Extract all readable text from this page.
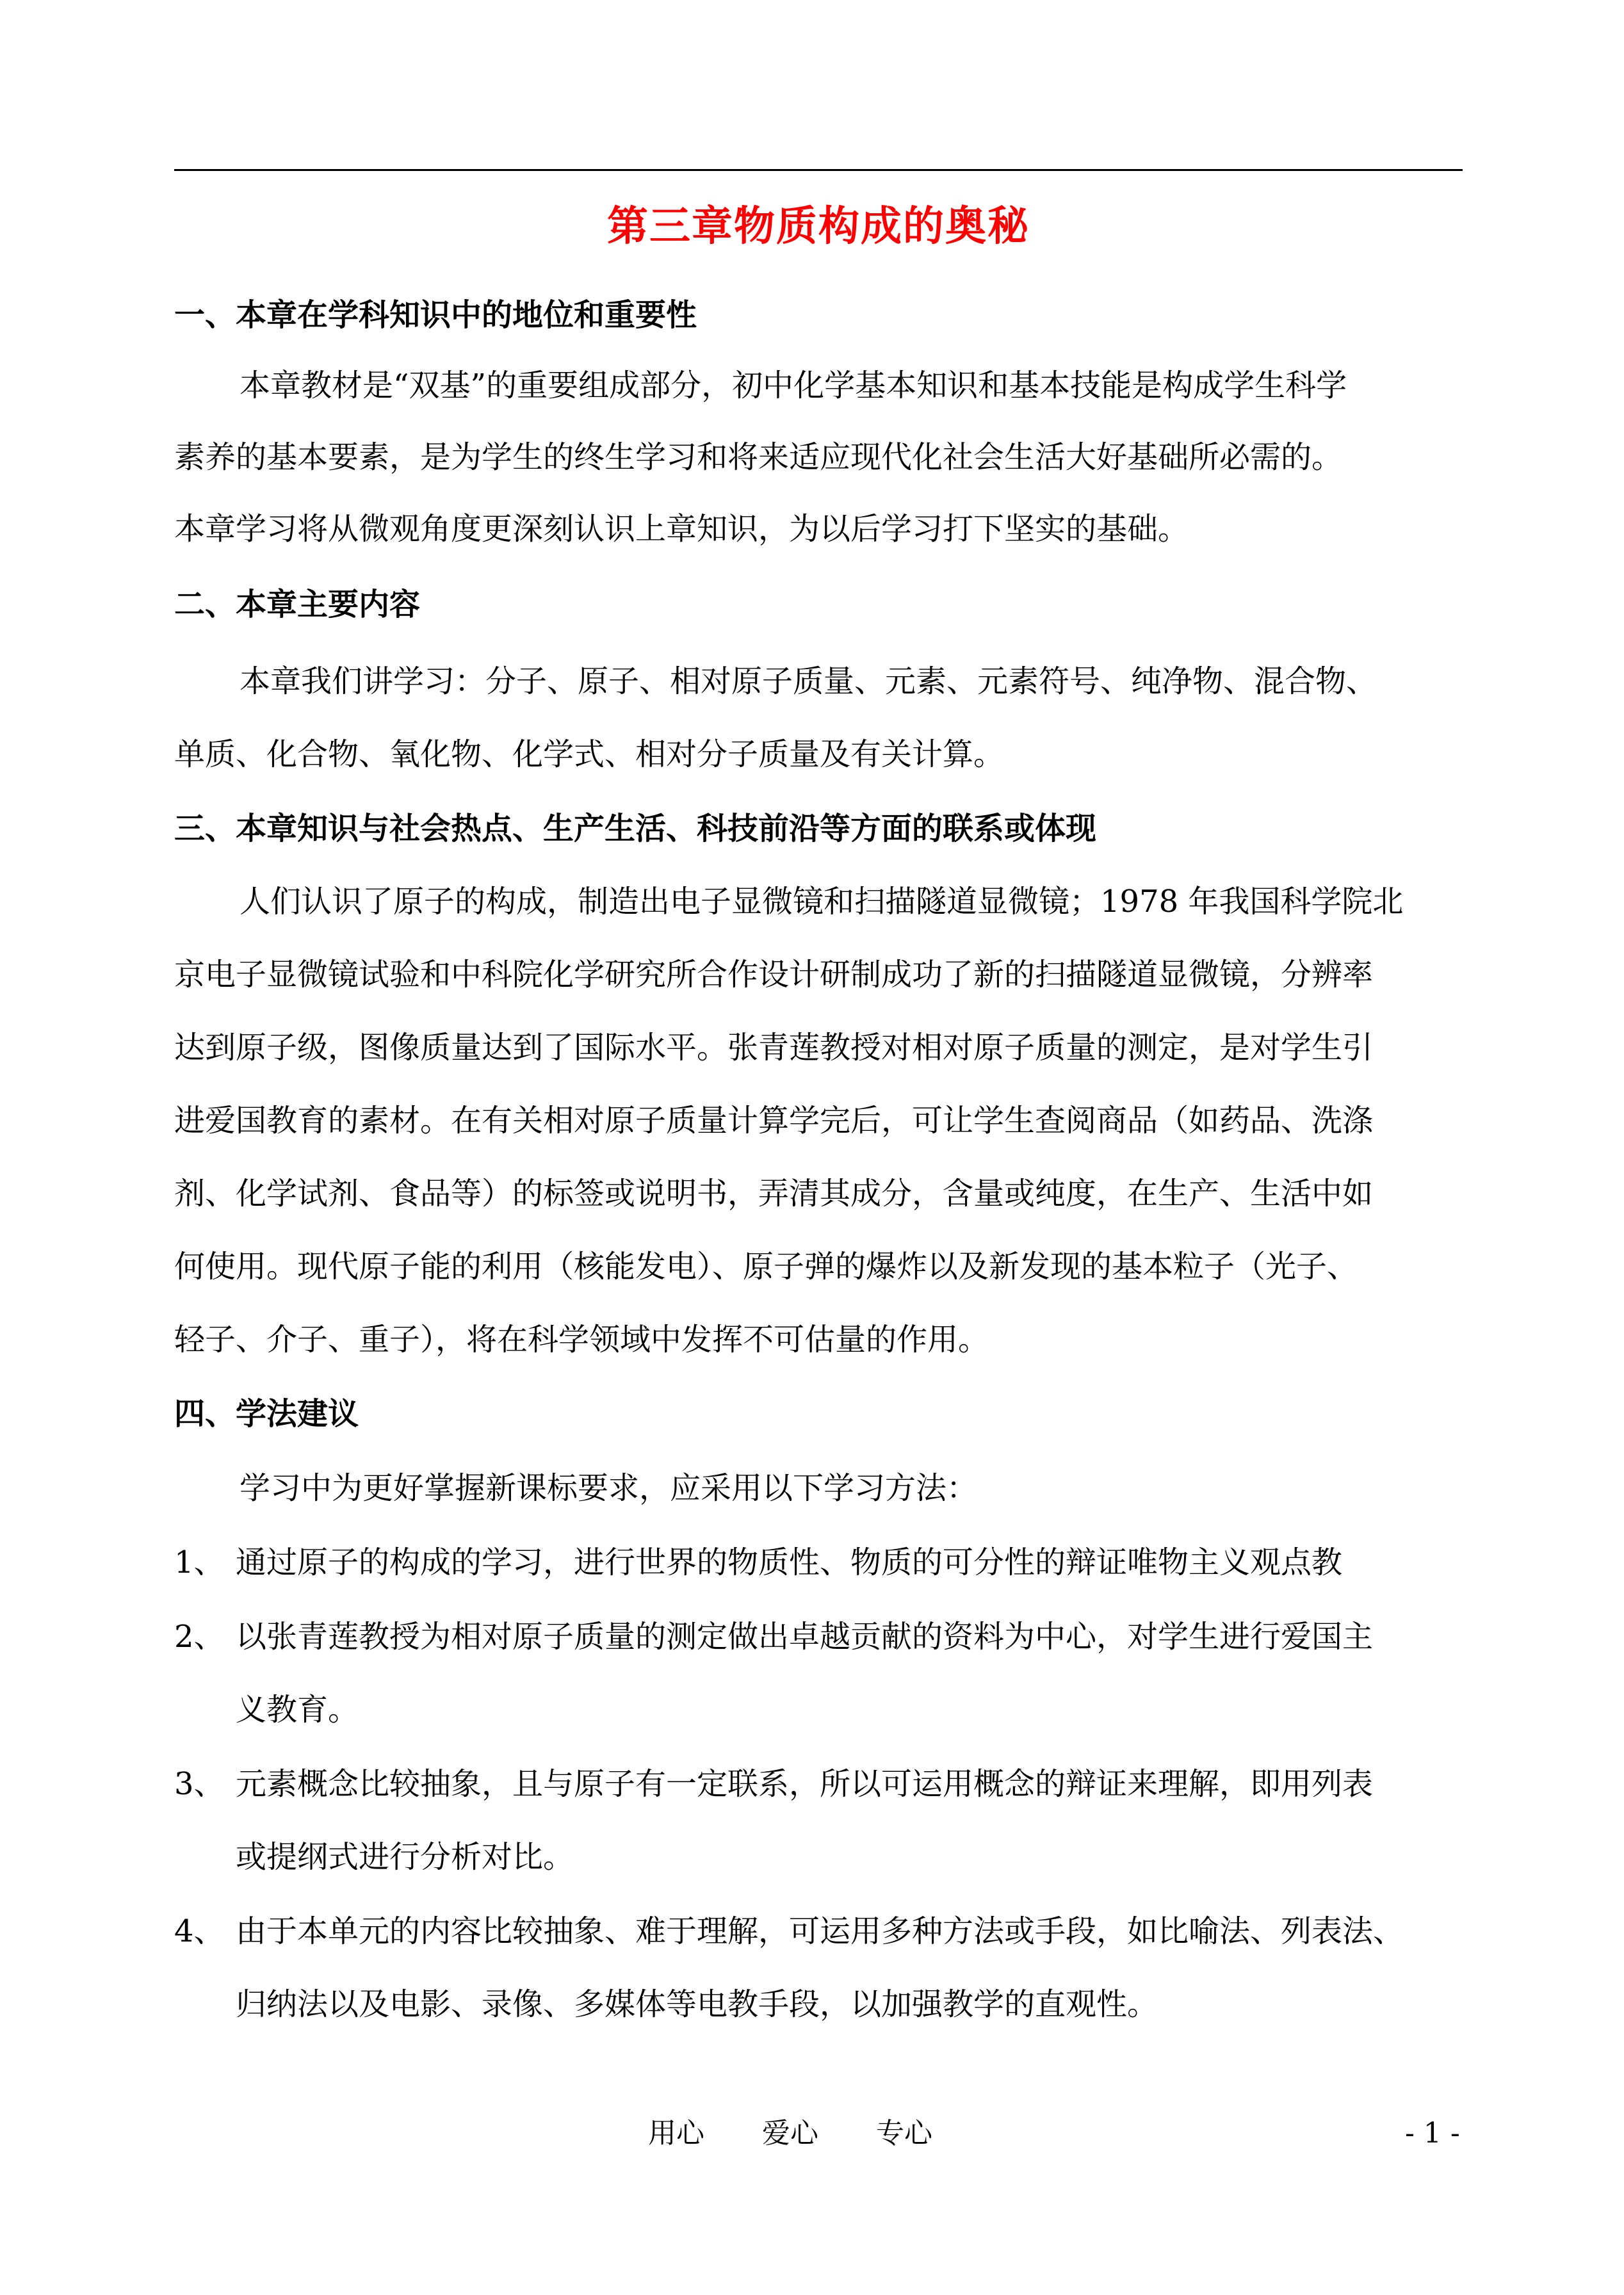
第三章物质构成的奥秘
一、本章在学科知识中的地位和重要性
本章教材是“双基”的重要组成部分，初中化学基本知识和基本技能是构成学生科学
素养的基本要素，是为学生的终生学习和将来适应现代化社会生活大好基础所必需的。
本章学习将从微观角度更深刻认识上章知识，为以后学习打下坚实的基础。
二、本章主要内容
本章我们讲学习：分子、原子、相对原子质量、元素、元素符号、纯净物、混合物、
单质、化合物、氧化物、化学式、相对分子质量及有关计算。
三、本章知识与社会热点、生产生活、科技前沿等方面的联系或体现
人们认识了原子的构成，制造出电子显微镜和扫描隧道显微镜；1978 年我国科学院北
京电子显微镜试验和中科院化学研究所合作设计研制成功了新的扫描隧道显微镜，分辨率
达到原子级，图像质量达到了国际水平。张青莲教授对相对原子质量的测定，是对学生引
进爱国教育的素材。在有关相对原子质量计算学完后，可让学生查阅商品（如药品、洗涤
剂、化学试剂、食品等）的标签或说明书，弄清其成分，含量或纯度，在生产、生活中如
何使用。现代原子能的利用（核能发电）、原子弹的爆炸以及新发现的基本粒子（光子、
轻子、介子、重子），将在科学领域中发挥不可估量的作用。
四、学法建议
学习中为更好掌握新课标要求，应采用以下学习方法：
1、 通过原子的构成的学习，进行世界的物质性、物质的可分性的辩证唯物主义观点教
2、 以张青莲教授为相对原子质量的测定做出卓越贡献的资料为中心，对学生进行爱国主
义教育。
3、 元素概念比较抽象，且与原子有一定联系，所以可运用概念的辩证来理解，即用列表
或提纲式进行分析对比。
4、 由于本单元的内容比较抽象、难于理解，可运用多种方法或手段，如比喻法、列表法、
归纳法以及电影、录像、多媒体等电教手段，以加强教学的直观性。
用心 爱心 专心	- 1 -
